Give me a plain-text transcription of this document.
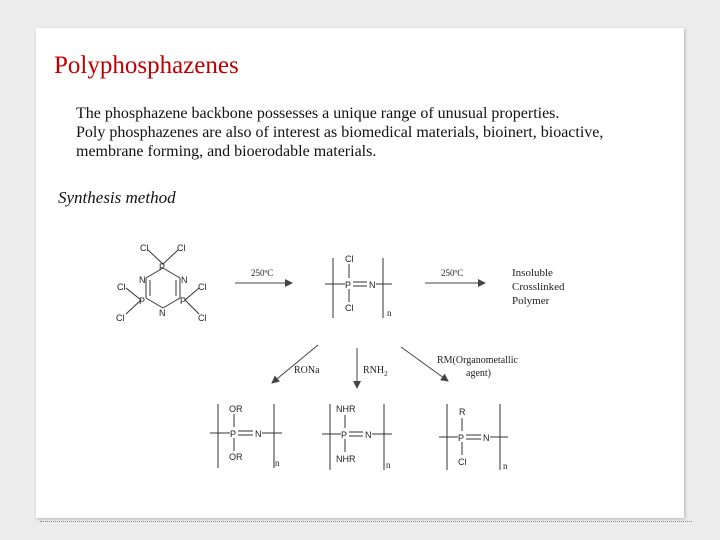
Polyphosphazenes
The phosphazene backbone possesses a unique range of unusual properties.
Poly phosphazenes are also of interest as biomedical materials, bioinert, bioactive,
membrane forming, and bioerodable materials.
Synthesis method
Cl	Cl
P
N	N
Cl	Cl
P	P
Cl	N	Cl
250ºC
Cl
P N
Cl	n
250ºC	Insoluble
Crosslinked
Polymer
RONa	$RNH_2$
RM(Organometallic
agent)
OR
P N
OR
n
NHR
P N
NHR
n
R
P N
Cl	n
